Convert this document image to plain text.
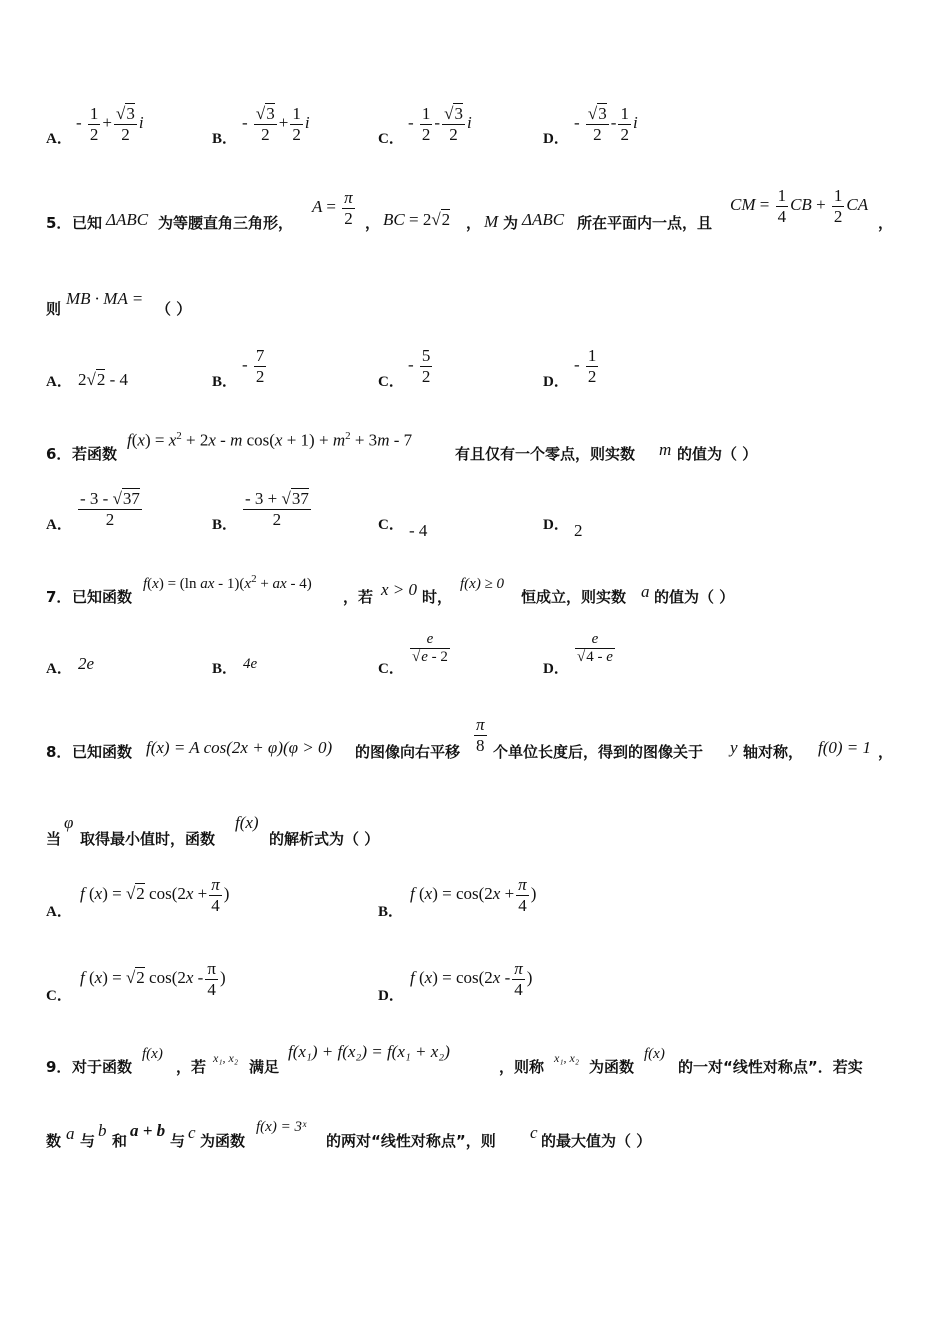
A．
- $\frac{1}{2} + \frac{√3}{2}$ i
B．
- $\frac{√3}{2} + \frac{1}{2}$ i
C．
- $\frac{1}{2} - \frac{√3}{2}$ i
D．
- $\frac{√3}{2} - \frac{1}{2}$ i
5． 已知 ΔABC 为等腰直角三角形，
$A = \frac{\pi}{2}$ ， BC = 2√2 ， M 为 ΔABC 所在平面内一点，且
CM = $\frac{1}{4}$ CB + $\frac{1}{2}$ CA
，
则
MB · MA =
（ ）
A． 2√2 - 4	B．
- $\frac{7}{2}$	C．
- $\frac{5}{2}$	D．
- $\frac{1}{2}$
6． 若函数
$f(x) = x^2 + 2x - m$ $\cos(x + 1) + m^2 + 3m - 7$
有且仅有一个零点，则实数 m 的值为（ ）
A． $\frac{- 3 - √37}{2}$	B． $\frac{- 3 + √37}{2}$	C． - 4	D． 2
7． 已知函数
f(x) = (ln ax - $1)(x^2$ + ax - 4)
，若 x > 0 时，
f(x) ≥ 0
恒成立，则实数 a 的值为（ ）
A． 2e	B． 4e	C．
$\frac{e}{√e - 2}$
D．
$\frac{e}{√4 - e}$
8． 已知函数 f(x) = A cos(2x + φ)(φ > 0) 的图像向右平移 $\frac{\pi}{8}$ 个单位长度后，得到的图像关于 y 轴对称， f(0) = 1 ，
当
φ
取得最小值时，函数
f(x)
的解析式为（ ）
A．
f (x) = √2 $\cos(2x + \frac{\pi}{4}$ )
B．
f $(x) = \cos(2x + \frac{\pi}{4}$ )
C．
f (x) = √2 $\cos(2x - \frac{\pi}{4}$ )
D．
f $(x) = \cos(2x - \frac{\pi}{4}$ )
9． 对于函数
f(x)
，若 x₁, x₂ 满足
f(x₁) + f(x₂) = f(x₁ + x₂)
，则称 x₁, x₂ 为函数
f(x)
的一对“线性对称点”．若实
数 a 与
b
和
a + b
与 c 为函数
f(x) = 3ˣ
的两对“线性对称点”，则 c 的最大值为（ ）
